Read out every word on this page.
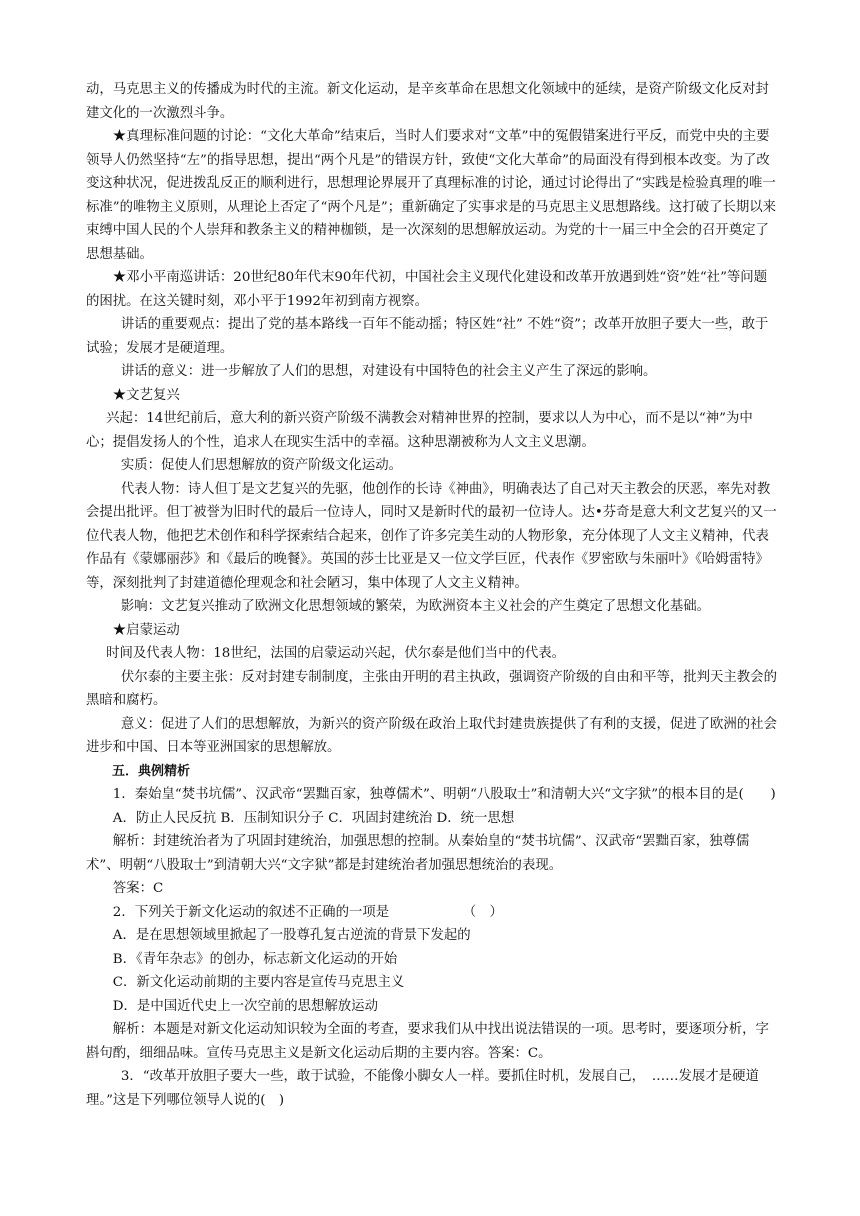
动，马克思主义的传播成为时代的主流。新文化运动，是辛亥革命在思想文化领域中的延续，是资产阶级文化反对封建文化的一次激烈斗争。

★真理标准问题的讨论：“文化大革命”结束后，当时人们要求对“文革”中的冤假错案进行平反，而党中央的主要领导人仍然坚持“左”的指导思想，提出“两个凡是”的错误方针，致使“文化大革命”的局面没有得到根本改变。为了改变这种状况，促进拨乱反正的顺利进行，思想理论界展开了真理标准的讨论，通过讨论得出了“实践是检验真理的唯一标准”的唯物主义原则，从理论上否定了“两个凡是”；重新确定了实事求是的马克思主义思想路线。这打破了长期以来束缚中国人民的个人崇拜和教条主义的精神枷锁，是一次深刻的思想解放运动。为党的十一届三中全会的召开奠定了思想基础。

★邓小平南巡讲话：20世纪80年代末90年代初，中国社会主义现代化建设和改革开放遇到姓“资”姓“社”等问题的困扰。在这关键时刻，邓小平于1992年初到南方视察。

讲话的重要观点：提出了党的基本路线一百年不能动摇；特区姓“社” 不姓“资”；改革开放胆子要大一些，敢于试验；发展才是硬道理。

讲话的意义：进一步解放了人们的思想，对建设有中国特色的社会主义产生了深远的影响。

★文艺复兴

兴起：14世纪前后，意大利的新兴资产阶级不满教会对精神世界的控制，要求以人为中心，而不是以“神”为中心；提倡发扬人的个性，追求人在现实生活中的幸福。这种思潮被称为人文主义思潮。

实质：促使人们思想解放的资产阶级文化运动。

代表人物：诗人但丁是文艺复兴的先驱，他创作的长诗《神曲》，明确表达了自己对天主教会的厌恶，率先对教会提出批评。但丁被誉为旧时代的最后一位诗人，同时又是新时代的最初一位诗人。达•芬奇是意大利文艺复兴的又一位代表人物，他把艺术创作和科学探索结合起来，创作了许多完美生动的人物形象，充分体现了人文主义精神，代表作品有《蒙娜丽莎》和《最后的晚餐》。英国的莎士比亚是又一位文学巨匠，代表作《罗密欧与朱丽叶》《哈姆雷特》等，深刻批判了封建道德伦理观念和社会陋习，集中体现了人文主义精神。

影响：文艺复兴推动了欧洲文化思想领域的繁荣，为欧洲资本主义社会的产生奠定了思想文化基础。

★启蒙运动

时间及代表人物：18世纪，法国的启蒙运动兴起，伏尔泰是他们当中的代表。

伏尔泰的主要主张：反对封建专制制度，主张由开明的君主执政，强调资产阶级的自由和平等，批判天主教会的黑暗和腐朽。

意义：促进了人们的思想解放，为新兴的资产阶级在政治上取代封建贵族提供了有利的支援，促进了欧洲的社会进步和中国、日本等亚洲国家的思想解放。

五．典例精析

1．秦始皇“焚书坑儒”、汉武帝“罢黜百家，独尊儒术”、明朝“八股取士”和清朝大兴“文字狱”的根本目的是(　　)

A．防止人民反抗 B．压制知识分子 C．巩固封建统治 D．统一思想

解析：封建统治者为了巩固封建统治，加强思想的控制。从秦始皇的“焚书坑儒”、汉武帝“罢黜百家，独尊儒术”、明朝“八股取士”到清朝大兴“文字狱”都是封建统治者加强思想统治的表现。

答案：C

2．下列关于新文化运动的叙述不正确的一项是　　　　　　（　）

A．是在思想领域里掀起了一股尊孔复古逆流的背景下发起的

B．《青年杂志》的创办，标志新文化运动的开始

C．新文化运动前期的主要内容是宣传马克思主义

D．是中国近代史上一次空前的思想解放运动

解析：本题是对新文化运动知识较为全面的考查，要求我们从中找出说法错误的一项。思考时，要逐项分析，字斟句酌，细细品味。宣传马克思主义是新文化运动后期的主要内容。答案：C。

3．“改革开放胆子要大一些，敢于试验，不能像小脚女人一样。要抓住时机，发展自己，　……发展才是硬道理。”这是下列哪位领导人说的(　)
